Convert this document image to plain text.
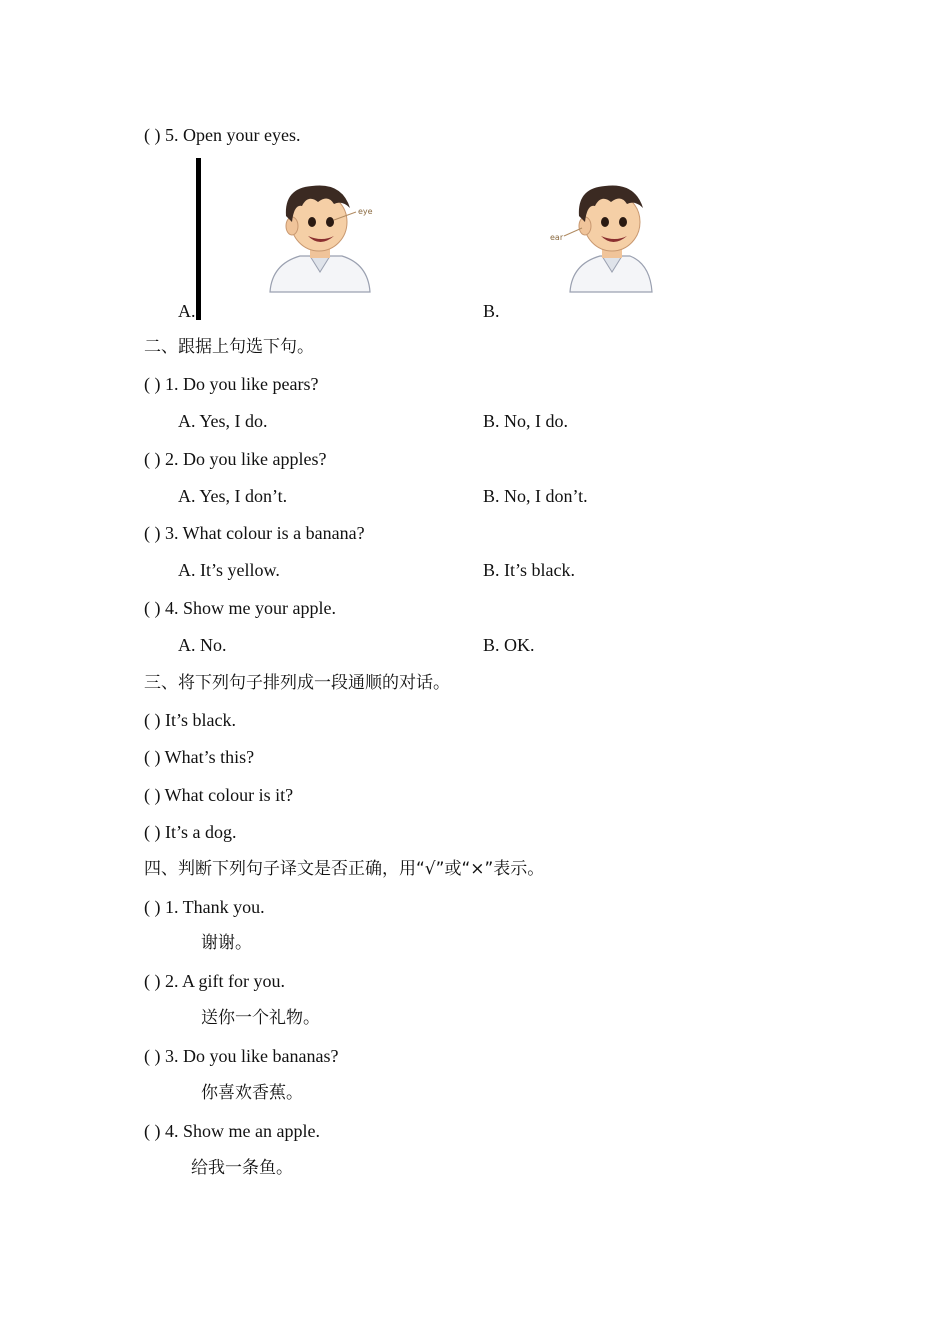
( ) 5. Open your eyes.
eye
ear
A.	B.
二、跟据上句选下句。
( ) 1. Do you like pears?
A. Yes, I do.	B. No, I do.
( ) 2. Do you like apples?
A. Yes, I don’t.	B. No, I don’t.
( ) 3. What colour is a banana?
A. It’s yellow.	B. It’s black.
( ) 4. Show me your apple.
A. No.	B. OK.
三、将下列句子排列成一段通顺的对话。
( ) It’s black.
( ) What’s this?
( ) What colour is it?
( ) It’s a dog.
四、判断下列句子译文是否正确，用“√”或“×”表示。
( ) 1. Thank you.
谢谢。
( ) 2. A gift for you.
送你一个礼物。
( ) 3. Do you like bananas?
你喜欢香蕉。
( ) 4. Show me an apple.
给我一条鱼。
